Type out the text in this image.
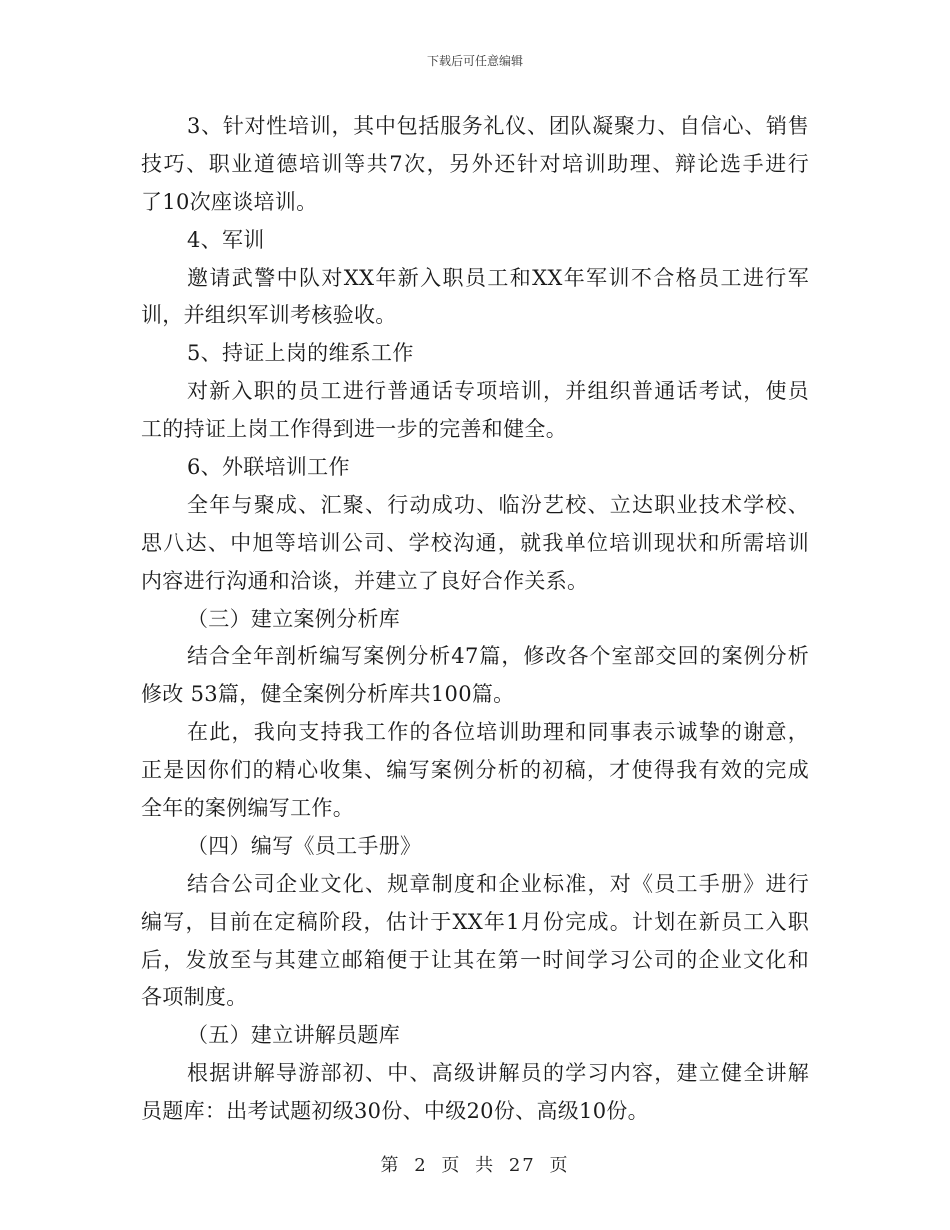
下载后可任意编辑
3、针对性培训，其中包括服务礼仪、团队凝聚力、自信心、销售
技巧、职业道德培训等共7次，另外还针对培训助理、辩论选手进行
了10次座谈培训。
4、军训
邀请武警中队对XX年新入职员工和XX年军训不合格员工进行军
训，并组织军训考核验收。
5、持证上岗的维系工作
对新入职的员工进行普通话专项培训，并组织普通话考试，使员
工的持证上岗工作得到进一步的完善和健全。
6、外联培训工作
全年与聚成、汇聚、行动成功、临汾艺校、立达职业技术学校、
思八达、中旭等培训公司、学校沟通，就我单位培训现状和所需培训
内容进行沟通和洽谈，并建立了良好合作关系。
（三）建立案例分析库
结合全年剖析编写案例分析47篇，修改各个室部交回的案例分析
修改 53篇，健全案例分析库共100篇。
在此，我向支持我工作的各位培训助理和同事表示诚挚的谢意，
正是因你们的精心收集、编写案例分析的初稿，才使得我有效的完成
全年的案例编写工作。
（四）编写《员工手册》
结合公司企业文化、规章制度和企业标准，对《员工手册》进行
编写，目前在定稿阶段，估计于XX年1月份完成。计划在新员工入职
后，发放至与其建立邮箱便于让其在第一时间学习公司的企业文化和
各项制度。
（五）建立讲解员题库
根据讲解导游部初、中、高级讲解员的学习内容，建立健全讲解
员题库：出考试题初级30份、中级20份、高级10份。
第 2 页 共 27 页
